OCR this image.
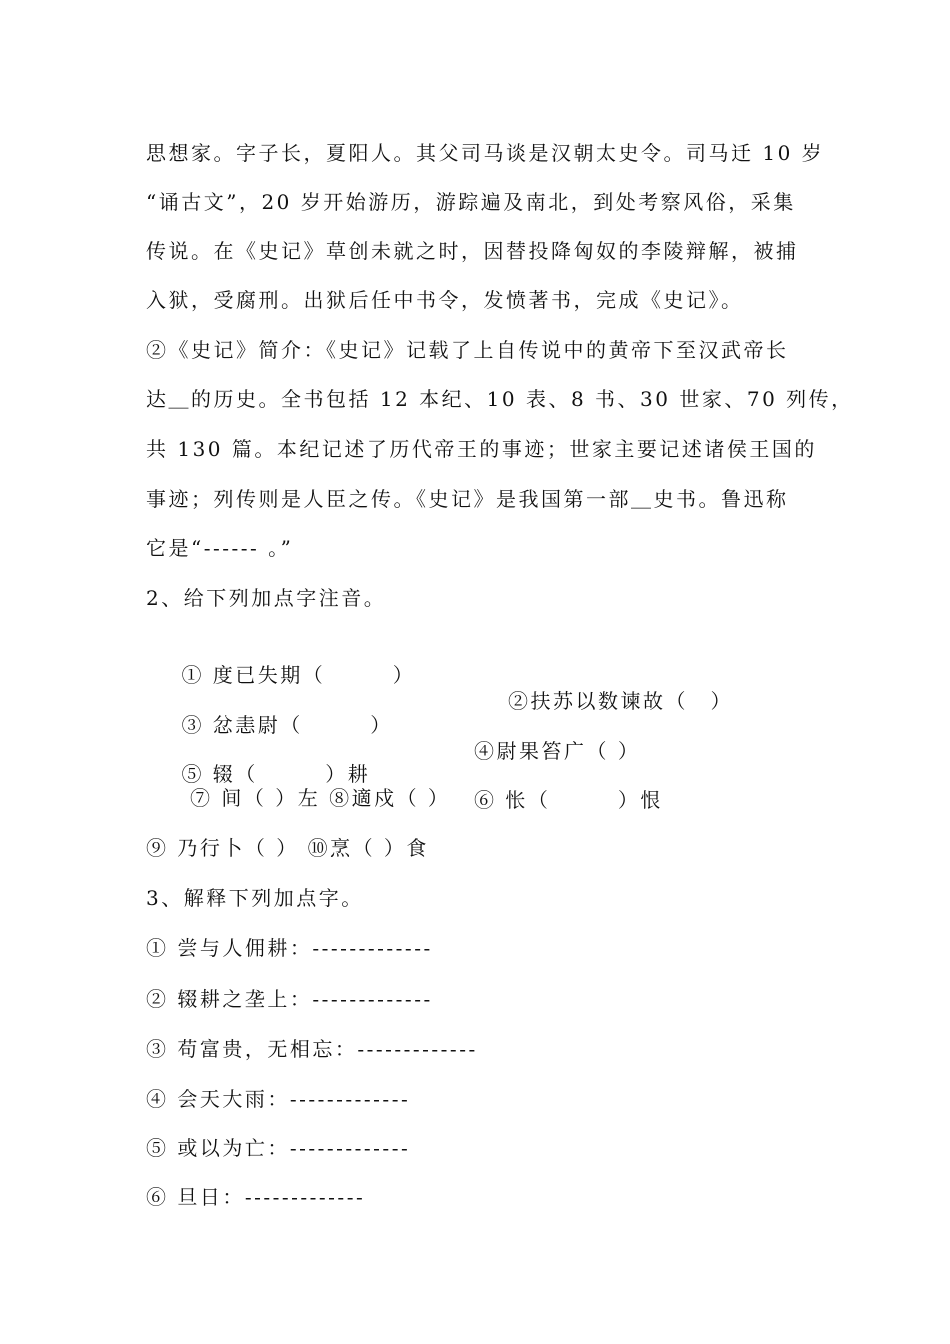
思想家。字子长，夏阳人。其父司马谈是汉朝太史令。司马迁 10 岁
“诵古文”，20 岁开始游历，游踪遍及南北，到处考察风俗，采集
传说。在《史记》草创未就之时，因替投降匈奴的李陵辩解，被捕
入狱，受腐刑。出狱后任中书令，发愤著书，完成《史记》。
②《史记》简介：《史记》记载了上自传说中的黄帝下至汉武帝长
达＿的历史。全书包括 12 本纪、10 表、8 书、30 世家、70 列传，
共 130 篇。本纪记述了历代帝王的事迹；世家主要记述诸侯王国的
事迹；列传则是人臣之传。《史记》是我国第一部＿史书。鲁迅称
它是“------ 。”
2、给下列加点字注音。

① 度已失期（　　　）

②扶苏以数谏故（　）

③ 忿恚尉（　　　）

④尉果笞广（ ）

⑤ 辍（　　　）耕

⑥ 怅（　　　）恨

⑦ 间（ ）左 ⑧適戍（ ）
⑨ 乃行卜（ ） ⑩烹（ ）食
3、解释下列加点字。
① 尝与人佣耕：-------------
② 辍耕之垄上：-------------
③ 苟富贵，无相忘：-------------
④ 会天大雨：-------------
⑤ 或以为亡：-------------
⑥ 旦日：-------------
